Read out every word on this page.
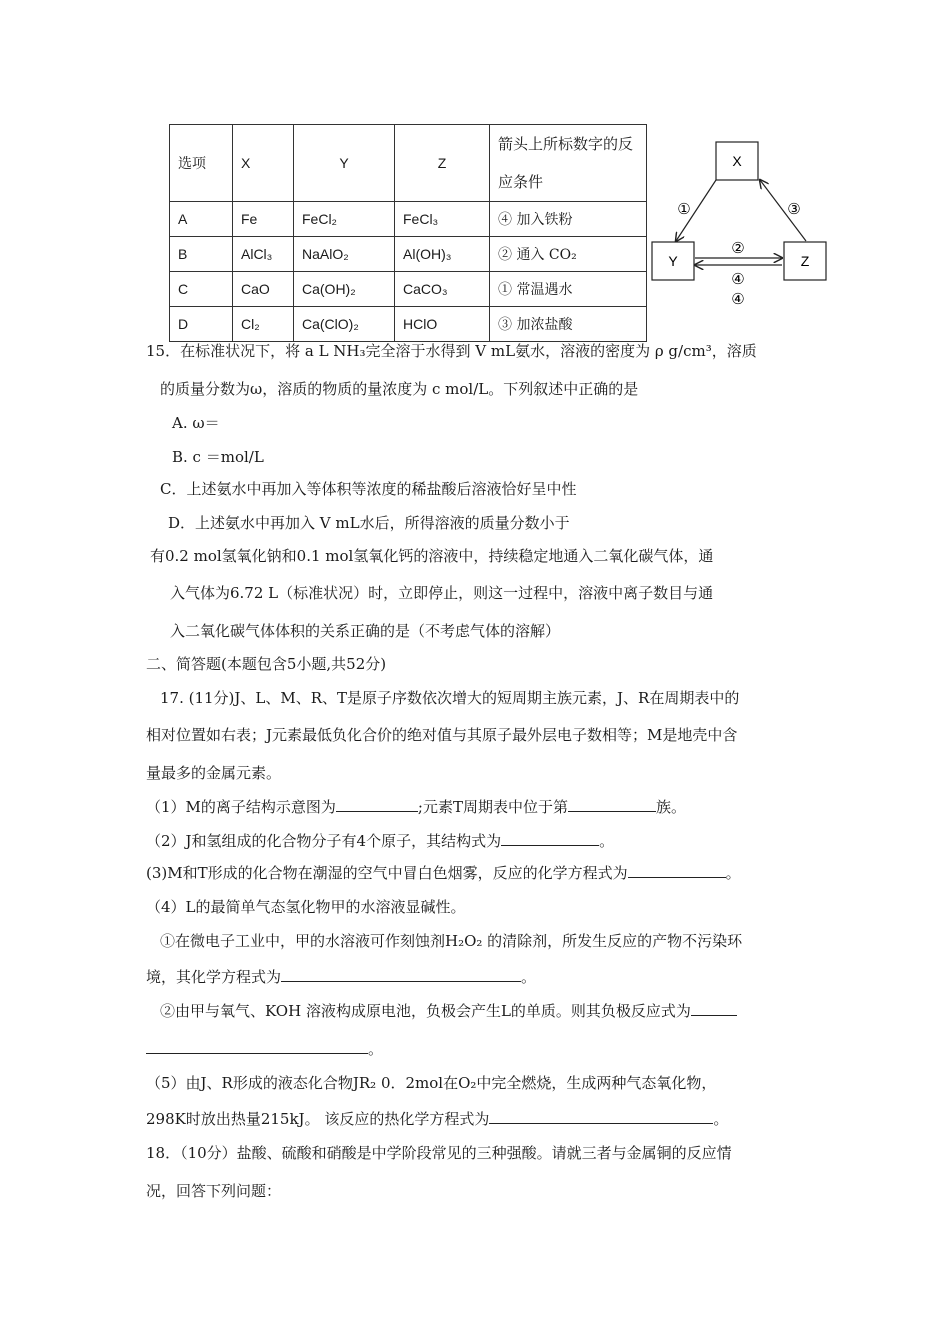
选项	X	Y	Z	箭头上所标数字的反应条件
A	Fe	FeCl₂	FeCl₃	④ 加入铁粉
B	AlCl₃	NaAlO₂	Al(OH)₃	② 通入 CO₂
C	CaO	Ca(OH)₂	CaCO₃	① 常温遇水
D	Cl₂	Ca(ClO)₂	HClO	③ 加浓盐酸
X
Y	Z
①	③
②
④
④
15．在标准状况下，将 a L NH₃完全溶于水得到 V mL氨水，溶液的密度为 ρ g/cm³，溶质
的质量分数为ω，溶质的物质的量浓度为 c mol/L。下列叙述中正确的是
A. ω＝
B. c ＝mol/L
C．上述氨水中再加入等体积等浓度的稀盐酸后溶液恰好呈中性
D．上述氨水中再加入 V mL水后，所得溶液的质量分数小于
有0.2 mol氢氧化钠和0.1 mol氢氧化钙的溶液中，持续稳定地通入二氧化碳气体，通
入气体为6.72 L（标准状况）时，立即停止，则这一过程中，溶液中离子数目与通
入二氧化碳气体体积的关系正确的是（不考虑气体的溶解）
二、简答题(本题包含5小题,共52分)
17. (11分)J、L、M、R、T是原子序数依次增大的短周期主族元素，J、R在周期表中的
相对位置如右表；J元素最低负化合价的绝对值与其原子最外层电子数相等；M是地壳中含
量最多的金属元素。
（1）M的离子结构示意图为	;元素T周期表中位于第	族。
（2）J和氢组成的化合物分子有4个原子，其结构式为	。
(3)M和T形成的化合物在潮湿的空气中冒白色烟雾，反应的化学方程式为	。
（4）L的最简单气态氢化物甲的水溶液显碱性。
①在微电子工业中，甲的水溶液可作刻蚀剂H₂O₂ 的清除剂，所发生反应的产物不污染环
境，其化学方程式为	。
②由甲与氧气、KOH 溶液构成原电池，负极会产生L的单质。则其负极反应式为
。
（5）由J、R形成的液态化合物JR₂ 0．2mol在O₂中完全燃烧，生成两种气态氧化物，
298K时放出热量215kJ。 该反应的热化学方程式为	。
18．（10分）盐酸、硫酸和硝酸是中学阶段常见的三种强酸。请就三者与金属铜的反应情
况，回答下列问题：
